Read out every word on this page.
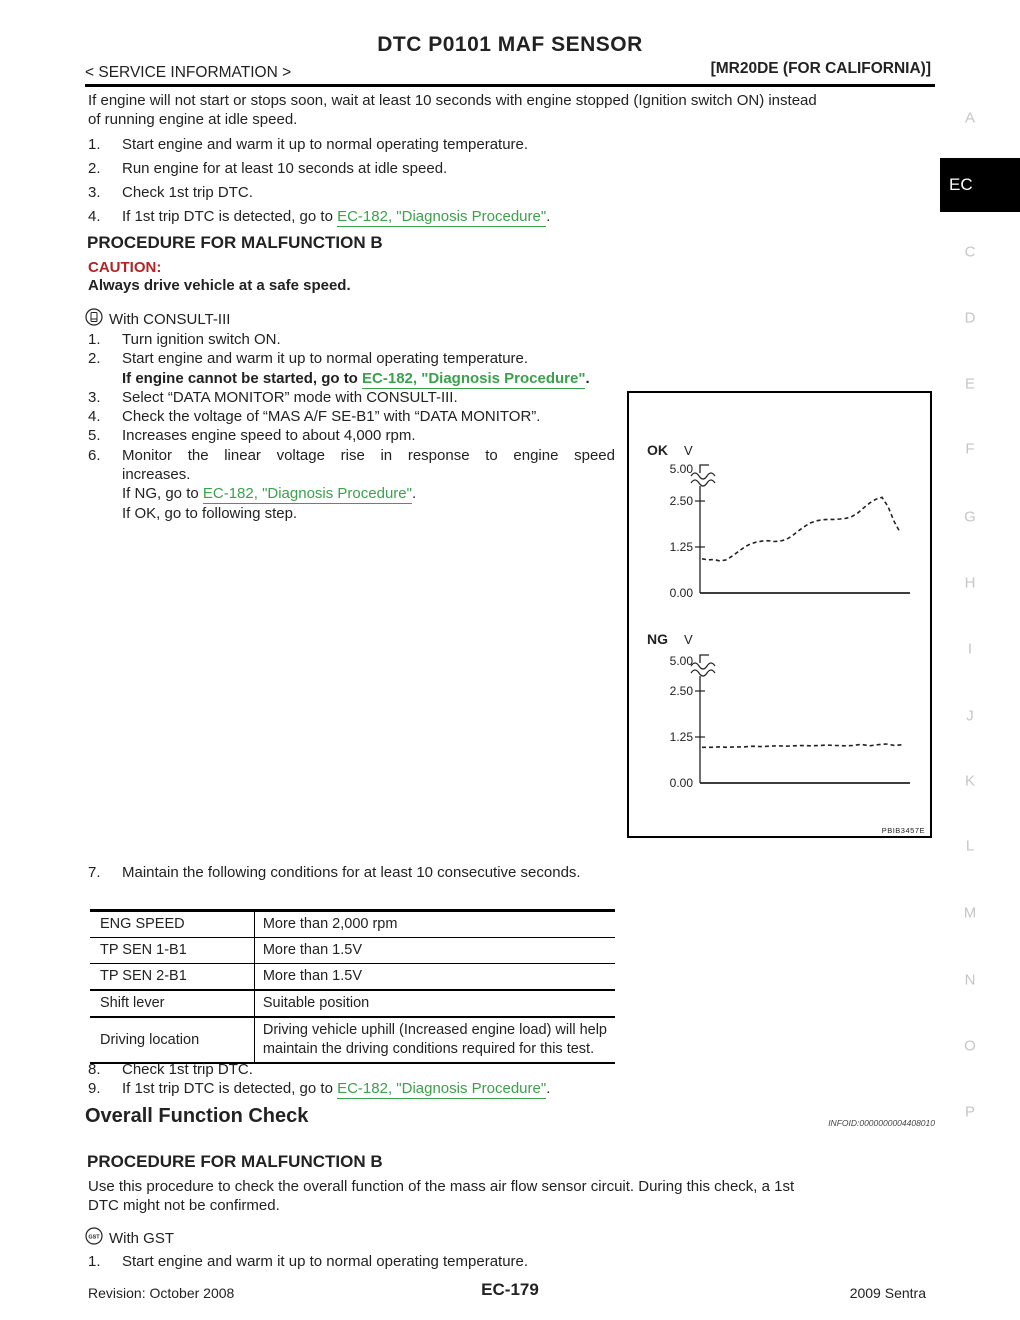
DTC P0101 MAF SENSOR
< SERVICE INFORMATION >	[MR20DE (FOR CALIFORNIA)]
If engine will not start or stops soon, wait at least 10 seconds with engine stopped (Ignition switch ON) instead
of running engine at idle speed.
1.	Start engine and warm it up to normal operating temperature.
2.	Run engine for at least 10 seconds at idle speed.
3.	Check 1st trip DTC.
4.	If 1st trip DTC is detected, go to EC-182, "Diagnosis Procedure".
PROCEDURE FOR MALFUNCTION B
CAUTION:
Always drive vehicle at a safe speed.
With CONSULT-III
1.	Turn ignition switch ON.
2.	Start engine and warm it up to normal operating temperature.
If engine cannot be started, go to EC-182, "Diagnosis Procedure".
3.	Select “DATA MONITOR” mode with CONSULT-III.
4.	Check the voltage of “MAS A/F SE-B1” with “DATA MONITOR”.
5.	Increases engine speed to about 4,000 rpm.
6.	Monitor the linear voltage rise in response to engine speed
increases.
If NG, go to EC-182, "Diagnosis Procedure".
If OK, go to following step.
OK V
5.00
2.50
1.25
0.00
NG V
5.00
2.50
1.25
0.00
PBIB3457E
7.	Maintain the following conditions for at least 10 consecutive seconds.
ENG SPEED	More than 2,000 rpm
TP SEN 1-B1	More than 1.5V
TP SEN 2-B1	More than 1.5V
Shift lever	Suitable position
Driving location	Driving vehicle uphill (Increased engine load) will help
maintain the driving conditions required for this test.
8.	Check 1st trip DTC.
9.	If 1st trip DTC is detected, go to EC-182, "Diagnosis Procedure".
Overall Function Check	INFOID:0000000004408010
PROCEDURE FOR MALFUNCTION B
Use this procedure to check the overall function of the mass air flow sensor circuit. During this check, a 1st
DTC might not be confirmed.
GST With GST
1.	Start engine and warm it up to normal operating temperature.
Revision: October 2008	EC-179	2009 Sentra
A
EC
C
D
E
F
G
H
I
J
K
L
M
N
O
P
